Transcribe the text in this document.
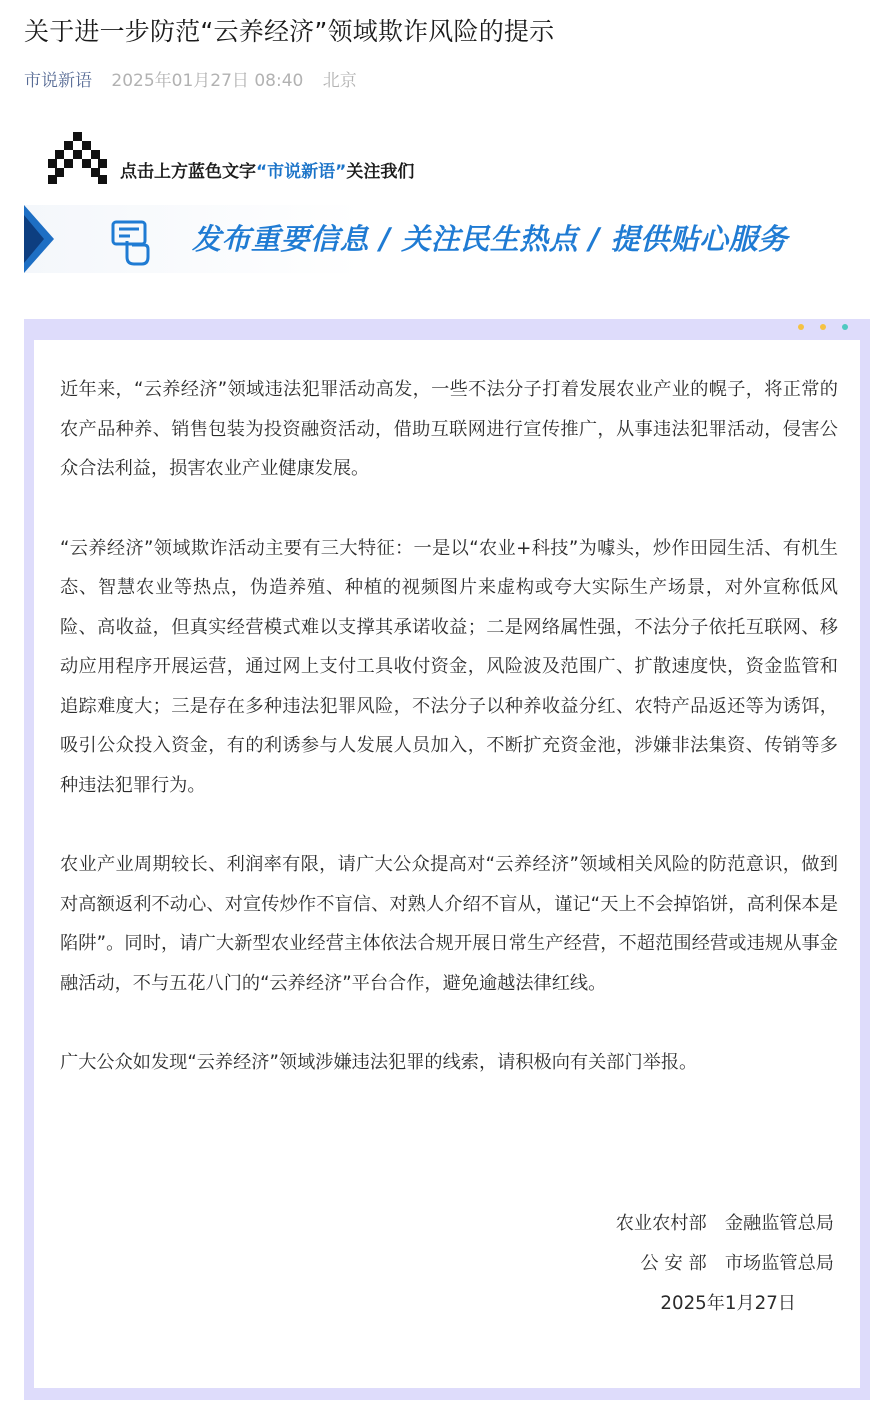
关于进一步防范“云养经济”领域欺诈风险的提示
市说新语 2025年01月27日 08:40 北京
点击上方蓝色文字“市说新语”关注我们
发布重要信息 / 关注民生热点 / 提供贴心服务

近年来，“云养经济”领域违法犯罪活动高发，一些不法分子打着发展农业产业的幌子，将正常的农产品种养、销售包装为投资融资活动，借助互联网进行宣传推广，从事违法犯罪活动，侵害公众合法利益，损害农业产业健康发展。

“云养经济”领域欺诈活动主要有三大特征：一是以“农业+科技”为噱头，炒作田园生活、有机生态、智慧农业等热点，伪造养殖、种植的视频图片来虚构或夸大实际生产场景，对外宣称低风险、高收益，但真实经营模式难以支撑其承诺收益；二是网络属性强，不法分子依托互联网、移动应用程序开展运营，通过网上支付工具收付资金，风险波及范围广、扩散速度快，资金监管和追踪难度大；三是存在多种违法犯罪风险，不法分子以种养收益分红、农特产品返还等为诱饵，吸引公众投入资金，有的利诱参与人发展人员加入，不断扩充资金池，涉嫌非法集资、传销等多种违法犯罪行为。

农业产业周期较长、利润率有限，请广大公众提高对“云养经济”领域相关风险的防范意识，做到对高额返利不动心、对宣传炒作不盲信、对熟人介绍不盲从，谨记“天上不会掉馅饼，高利保本是陷阱”。同时，请广大新型农业经营主体依法合规开展日常生产经营，不超范围经营或违规从事金融活动，不与五花八门的“云养经济”平台合作，避免逾越法律红线。

广大公众如发现“云养经济”领域涉嫌违法犯罪的线索，请积极向有关部门举报。

农业农村部　金融监管总局
公 安 部　市场监管总局
2025年1月27日
